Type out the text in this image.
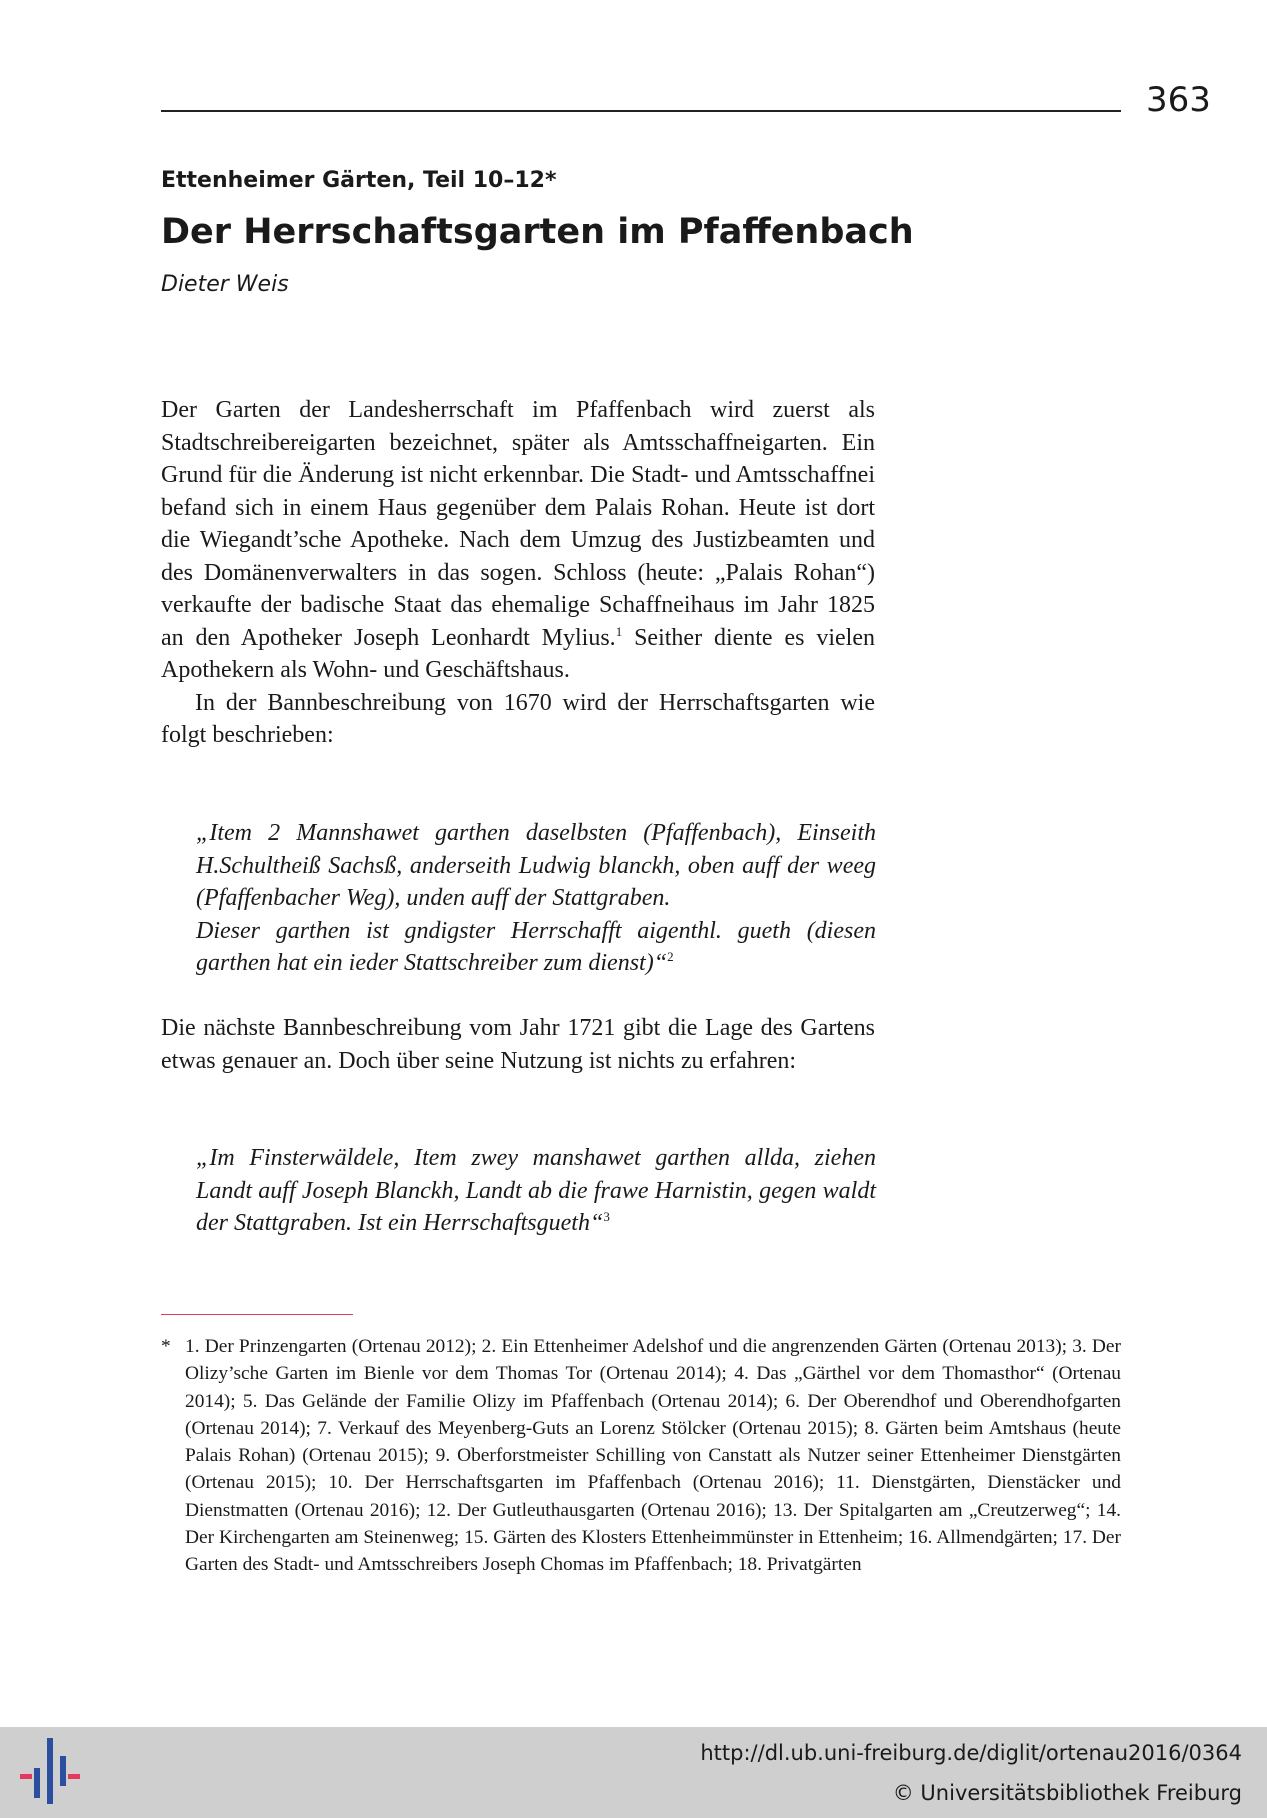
363
Ettenheimer Gärten, Teil 10–12*
Der Herrschaftsgarten im Pfaffenbach
Dieter Weis

Der Garten der Landesherrschaft im Pfaffenbach wird zuerst als Stadtschreibereigarten bezeichnet, später als Amtsschaffneigarten. Ein Grund für die Änderung ist nicht erkennbar. Die Stadt- und Amtsschaffnei befand sich in einem Haus gegenüber dem Palais Rohan. Heute ist dort die Wiegandt’sche Apotheke. Nach dem Umzug des Justizbeamten und des Domänenverwalters in das sogen. Schloss (heute: „Palais Rohan“) verkaufte der badische Staat das ehemalige Schaffneihaus im Jahr 1825 an den Apotheker Joseph Leonhardt Mylius.$^1$ Seither diente es vielen Apothekern als Wohn- und Geschäftshaus.

In der Bannbeschreibung von 1670 wird der Herrschaftsgarten wie folgt beschrieben:

„Item 2 Mannshawet garthen daselbsten (Pfaffenbach), Einseith H.Schultheiß Sachsß, anderseith Ludwig blanckh, oben auff der weeg (Pfaffenbacher Weg), unden auff der Stattgraben.

Dieser garthen ist gndigster Herrschafft aigenthl. gueth (diesen garthen hat ein ieder Stattschreiber zum dienst)“$^2$

Die nächste Bannbeschreibung vom Jahr 1721 gibt die Lage des Gartens etwas genauer an. Doch über seine Nutzung ist nichts zu erfahren:

„Im Finsterwäldele, Item zwey manshawet garthen allda, ziehen Landt auff Joseph Blanckh, Landt ab die frawe Harnistin, gegen waldt der Stattgraben. Ist ein Herrschaftsgueth“$^3$

* 1. Der Prinzengarten (Ortenau 2012); 2. Ein Ettenheimer Adelshof und die angrenzenden Gärten (Ortenau 2013); 3. Der Olizy’sche Garten im Bienle vor dem Thomas Tor (Ortenau 2014); 4. Das „Gärthel vor dem Thomasthor“ (Ortenau 2014); 5. Das Gelände der Familie Olizy im Pfaffenbach (Ortenau 2014); 6. Der Oberendhof und Oberendhofgarten (Ortenau 2014); 7. Verkauf des Meyenberg-Guts an Lorenz Stölcker (Ortenau 2015); 8. Gärten beim Amtshaus (heute Palais Rohan) (Ortenau 2015); 9. Oberforstmeister Schilling von Canstatt als Nutzer seiner Ettenheimer Dienstgärten (Ortenau 2015); 10. Der Herrschaftsgarten im Pfaffenbach (Ortenau 2016); 11. Dienstgärten, Dienstäcker und Dienstmatten (Ortenau 2016); 12. Der Gutleuthausgarten (Ortenau 2016); 13. Der Spitalgarten am „Creutzerweg“; 14. Der Kirchengarten am Steinenweg; 15. Gärten des Klosters Ettenheimmünster in Ettenheim; 16. Allmendgärten; 17. Der Garten des Stadt- und Amtsschreibers Joseph Chomas im Pfaffenbach; 18. Privatgärten
http://dl.ub.uni-freiburg.de/diglit/ortenau2016/0364
© Universitätsbibliothek Freiburg
